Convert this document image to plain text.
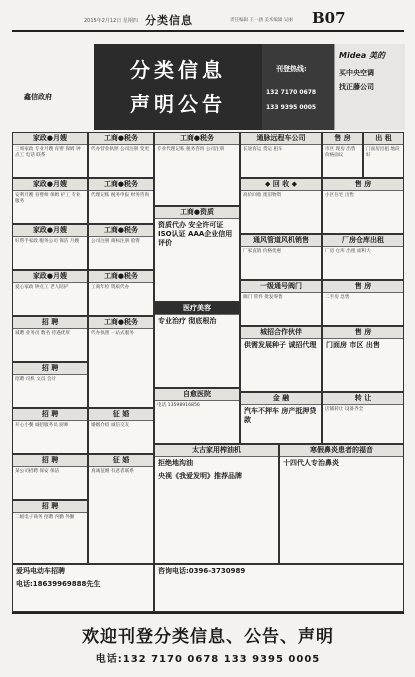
2015年2月12日 星期四 分类信息	责任编辑 王一涵 美术编辑 吴丽 B07
鑫信政府
分类信息
声明公告
刊登热线:
132 7170 0678
133 9395 0005
Midea 美的
买中央空调
找正藤公司
家政●月嫂
三周家政 专业月嫂 育婴 保姆 钟点工 电话 联系
家政●月嫂
安利月嫂 育婴师 保姆 护工 专业服务
家政●月嫂
好帮手家政 服务公司 保洁 月嫂
家政●月嫂
爱心家政 钟点工 老人陪护
招 聘
诚聘 业务员 数名 待遇优厚
招 聘
招聘 司机 文员 会计
招 聘
开心小餐 诚招服务员 厨师
招 聘
某公司招聘 保安 保洁
招 聘
二级电子商务 招聘 内勤 外勤
工商●税务
代办营业执照 公司注册 变更
工商●税务
代理记账 税务申报 财务咨询
工商●税务
公司注册 商标注册 验资
工商●税务
工商年检 资质代办
工商●税务
代办执照 一站式服务
征 婚
婚姻介绍 诚信交友
征 婚
真诚征婚 有意者联系
工商●税务
专业代理记账 税务咨询 公司注册
工商●资质
资质代办 安全许可证 ISO认证 AAA企业信用评价
医疗美容
专业治疗 彻底根治
自愈医院
电话 13598916856
通脉远程车公司
长途客运 货运 租车
◆ 回 收 ◆
高价回收 废旧物资
通风管道风机销售
厂家直销 价格优惠
一级通号阀门
阀门 管件 批发零售
城招合作伙伴
供需发展种子 诚招代理
金 融
汽车不押车 房产抵押贷款
售 房
市区 现房 出售 价格面议
出 租
门面房出租 地段好
售 房
小区住宅 出售
厂房仓库出租
厂房 仓库 出租 面积大
售 房
二手房 急售
售 房
门面房 市区 出售
转 让
店铺转让 设备齐全
太古家用榨油机
拒绝地沟油
央视《我爱发明》推荐品牌
寒假鼻炎患者的福音
十四代人专治鼻炎
爱玛电动车招聘
电话:18639969888先生
咨询电话:0396-3730989
欢迎刊登分类信息、公告、声明
电话:132 7170 0678 133 9395 0005
